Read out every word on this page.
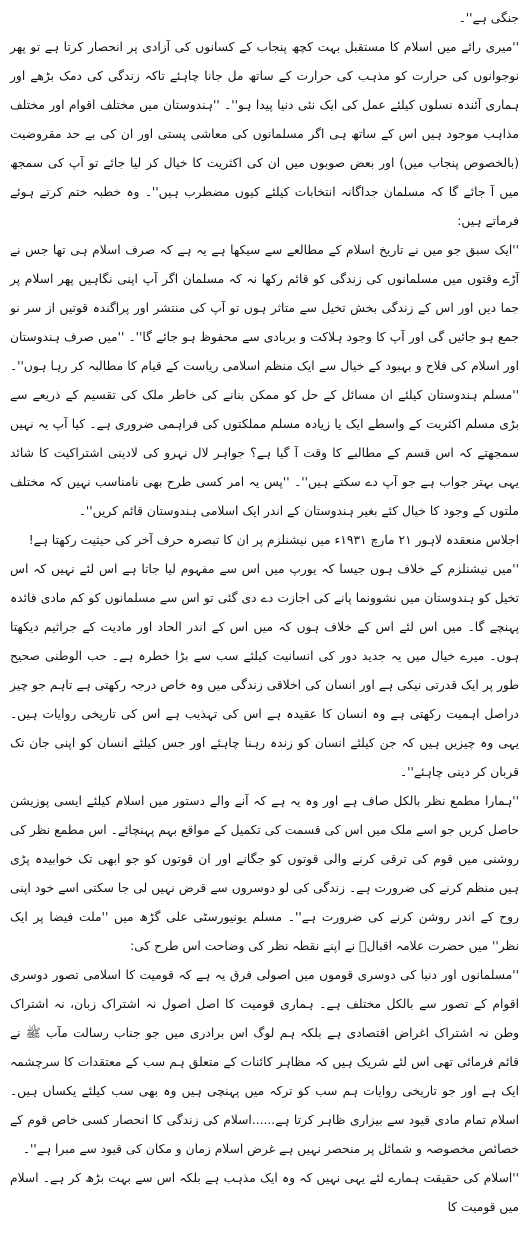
جنگی ہے''۔

''میری رائے میں اسلام کا مستقبل بہت کچھ پنجاب کے کسانوں کی آزادی پر انحصار کرتا ہے تو پھر نوجوانوں کی حرارت کو مذہب کی حرارت کے ساتھ مل جانا چاہئے تاکہ زندگی کی دمک بڑھے اور ہماری آئندہ نسلوں کیلئے عمل کی ایک نئی دنیا پیدا ہو''۔ ''ہندوستان میں مختلف اقوام اور مختلف مذاہب موجود ہیں اس کے ساتھ ہی اگر مسلمانوں کی معاشی پستی اور ان کی بے حد مقروضیت (بالخصوص پنجاب میں) اور بعض صوبوں میں ان کی اکثریت کا خیال کر لیا جائے تو آپ کی سمجھ میں آ جائے گا کہ مسلمان جداگانہ انتخابات کیلئے کیوں مضطرب ہیں''۔ وہ خطبہ ختم کرتے ہوئے فرماتے ہیں:

''ایک سبق جو میں نے تاریخ اسلام کے مطالعے سے سیکھا ہے یہ ہے کہ صرف اسلام ہی تھا جس نے آڑے وقتوں میں مسلمانوں کی زندگی کو قائم رکھا نہ کہ مسلمان اگر آپ اپنی نگاہیں پھر اسلام پر جما دیں اور اس کے زندگی بخش تخیل سے متاثر ہوں تو آپ کی منتشر اور پراگندہ قوتیں از سر نو جمع ہو جائیں گی اور آپ کا وجود ہلاکت و بربادی سے محفوظ ہو جائے گا''۔ ''میں صرف ہندوستان اور اسلام کی فلاح و بہبود کے خیال سے ایک منظم اسلامی ریاست کے قیام کا مطالبہ کر رہا ہوں''۔ ''مسلم ہندوستان کیلئے ان مسائل کے حل کو ممکن بنانے کی خاطر ملک کی تقسیم کے ذریعے سے بڑی مسلم اکثریت کے واسطے ایک یا زیادہ مسلم مملکتوں کی فراہمی ضروری ہے۔ کیا آپ یہ نہیں سمجھتے کہ اس قسم کے مطالبے کا وقت آ گیا ہے؟ جواہر لال نہرو کی لادینی اشتراکیت کا شائد یہی بہتر جواب ہے جو آپ دے سکتے ہیں''۔ ''پس یہ امر کسی طرح بھی نامناسب نہیں کہ مختلف ملتوں کے وجود کا خیال کئے بغیر ہندوستان کے اندر ایک اسلامی ہندوستان قائم کریں''۔

اجلاس منعقدہ لاہور ۲۱ مارچ ۱۹۳۱ء میں نیشنلزم پر ان کا تبصرہ حرف آخر کی حیثیت رکھتا ہے!

''میں نیشنلزم کے خلاف ہوں جیسا کہ یورپ میں اس سے مفہوم لیا جاتا ہے اس لئے نہیں کہ اس تخیل کو ہندوستان میں نشوونما پانے کی اجازت دے دی گئی تو اس سے مسلمانوں کو کم مادی فائدہ پہنچے گا۔ میں اس لئے اس کے خلاف ہوں کہ میں اس کے اندر الحاد اور مادیت کے جراثیم دیکھتا ہوں۔ میرے خیال میں یہ جدید دور کی انسانیت کیلئے سب سے بڑا خطرہ ہے۔ حب الوطنی صحیح طور پر ایک قدرتی نیکی ہے اور انسان کی اخلاقی زندگی میں وہ خاص درجہ رکھتی ہے تاہم جو چیز دراصل اہمیت رکھتی ہے وہ انسان کا عقیدہ ہے اس کی تہذیب ہے اس کی تاریخی روایات ہیں۔ یہی وہ چیزیں ہیں کہ جن کیلئے انسان کو زندہ رہنا چاہئے اور جس کیلئے انسان کو اپنی جان تک قربان کر دینی چاہئے''۔

''ہمارا مطمع نظر بالکل صاف ہے اور وہ یہ ہے کہ آنے والے دستور میں اسلام کیلئے ایسی پوزیشن حاصل کریں جو اسے ملک میں اس کی قسمت کی تکمیل کے مواقع بہم پہنچائے۔ اس مطمع نظر کی روشنی میں قوم کی ترقی کرنے والی قوتوں کو جگانے اور ان قوتوں کو جو ابھی تک خوابیدہ پڑی ہیں منظم کرنے کی ضرورت ہے۔ زندگی کی لو دوسروں سے قرض نہیں لی جا سکتی اسے خود اپنی روح کے اندر روشن کرنے کی ضرورت ہے''۔ مسلم یونیورسٹی علی گڑھ میں ''ملت فیضا پر ایک نظر'' میں حضرت علامہ اقبالؒ نے اپنے نقطہ نظر کی وضاحت اس طرح کی:

''مسلمانوں اور دنیا کی دوسری قوموں میں اصولی فرق یہ ہے کہ قومیت کا اسلامی تصور دوسری اقوام کے تصور سے بالکل مختلف ہے۔ ہماری قومیت کا اصل اصول نہ اشتراک زبان، نہ اشتراک وطن نہ اشتراک اغراض اقتصادی ہے بلکہ ہم لوگ اس برادری میں جو جناب رسالت مآب ﷺ نے قائم فرمائی تھی اس لئے شریک ہیں کہ مظاہر کائنات کے متعلق ہم سب کے معتقدات کا سرچشمہ ایک ہے اور جو تاریخی روایات ہم سب کو ترکہ میں پہنچی ہیں وہ بھی سب کیلئے یکساں ہیں۔ اسلام تمام مادی قیود سے بیزاری ظاہر کرتا ہے......اسلام کی زندگی کا انحصار کسی خاص قوم کے خصائص مخصوصہ و شمائل پر منحصر نہیں ہے غرض اسلام زمان و مکان کی قیود سے مبرا ہے''۔

''اسلام کی حقیقت ہمارے لئے یہی نہیں کہ وہ ایک مذہب ہے بلکہ اس سے بہت بڑھ کر ہے۔ اسلام میں قومیت کا
